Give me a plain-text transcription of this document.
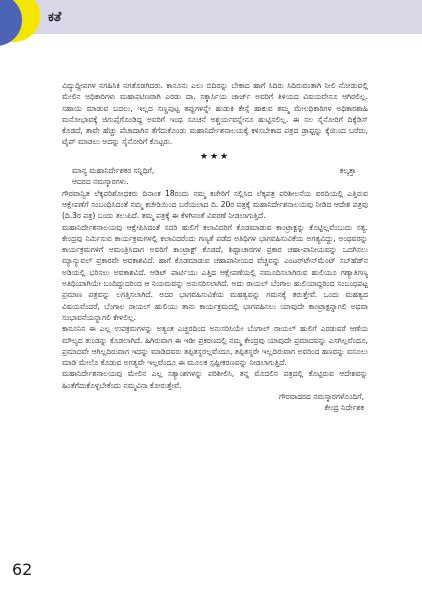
ಕತೆ

ವಿದ್ಯುದ್ದೀಪಗಳ ನಗಹಿಸಿಕಿ ನಗತೊಡಗಿದರು. ಕಾನೂನು ಎಲು ಬಿದಿರನ್ನು ಬೇಕಾದ ಹಾಗೆ ಸಿದಿರು ಸಿದಿರುವಂತಾಗಿ ನೀಲಿ ನೋಡುವಲ್ಲಿ ಮೇಲಿನ ಅಧಿಕಾರಿಗಳು ಮಹಾಪಟಿಣರಾಗಿ ಎರಡು ದಾ. ಸಕ್ಕಾರ್ಸಿಯ ಚಾರ್ಜ್ ಅವರಿಗೆ ತಿಳಿಯದ ವಿಷಯವೇನೂ ಆಗಿರಲಿಲ್ಲ. ಸಹಾಯ ಮಾಡುವ ಬದಲು, ಇಲ್ಲದ ಸಣ್ಣಪುಟ್ಟ ತಪ್ಪುಗಳನ್ನೇ ಹುಡುಕಿ ಕೇಸ್ಸೆ ಹಾಕುವ ತಮ್ಮ ಮೇಲಧಿಕಾರಿಗಳ ಅಧಿಕಾರಶಾಹಿ ಮನೋಭಾವಕ್ಕೆ ಜಿಗುಪ್ಸೆಗೊಂಡಿದ್ದ ಅವರಿಗೆ ಇಂಥ ಸೂಚನೆ ಅಶ್ಚರ್ಯವನ್ನೇನೂ ಹುಟ್ಟಿಸಲಿಲ್ಲ. ಈ ಸಲ ಸೈನೋರಿಗೆ ದಿಕ್ಕೆಡಿಸ್ ಕೊಡದೆ, ತಾವೇ ಹೆಚ್ಚು ಪೆಚಾದಾಗಿನ ತೆಗೆದುಕೊಂಡು ಮಹಾನಿರ್ದೇಶನಾಲಯಕ್ಕೆ ಕಳಿಸಬೇಕಾದ ಪತ್ರದ ಡ್ರಾಫ್ಟನ್ನು ಕ್ಕೆಯಿಂದ ಬರೆದು, ಟೈಪ್ ಮಾಡಲು ಅದನ್ನು ಸೈನೋರಿಗೆ ಕೊಟ್ಟರು.

★★★
ಮಾನ್ಯ ಮಹಾನಿರ್ದೇಶಕರ ಸನ್ನಿಧಿಗೆ,	ಕಲ್ಕತ್ತಾ
ಆದರದ ನಮಸ್ಕಾರಗಳು.

ಗೌರವಾನ್ವಿತ ಲೆಕ್ಕಪರಿಶೋಧಕರು ದಿನಾಂಕ 18ರಂದು ನಮ್ಮ ಕಚೇರಿಗೆ ಸಲ್ಲಿಸಿದ ಲೆಕ್ಕಪತ್ರ ಪರಿಶೀಲನೆಯ ವರದಿಯಲ್ಲಿ ಎತ್ತಿರುವ ಆಕ್ಷೇಪಣೆಗೆ ಸಂಬಂಧಿಸಿದಂತೆ ನಮ್ಮ ಕಚೇರಿಯಿಂದ ಬರೆಯಲಾದ ದಿ. 20ರ ಪತ್ರಕ್ಕೆ ಮಹಾನಿರ್ದೇಶನಾಲಯವು ನೀಡಿದ ಆದೇಶ ಪತ್ರವು (ದಿ.3ರ ಪತ್ರ) ಬಂದು ತಲುಪಿದೆ. ತಮ್ಮ ಪತ್ರಕ್ಕೆ ಈ ಕೆಳಗಿನಂತೆ ವಿವರಣೆ ನೀಡಲಾಗುತ್ತಿದೆ.

ಮಹಾನಿರ್ದೇಶನಾಲಯವು ಆಕ್ಷೇಪಿಸಿದಂತೆ ಸದರಿ ಹುಲಿಗೆ ಕಲಾವಿದರಿಗೆ ಕೊಡಮಾಡುವ ಕಾಂಟ್ರಾಕ್ಟನ್ನು ಕೊಟ್ಟಿಲ್ಲವೆಂಬುದು ಸತ್ಯ. ಕೇಂದ್ರವು ನಿರ್ಮಿಸುವ ಕಾರ್ಯಕ್ರಮಗಳಲ್ಲಿ ಕಲಾವಿದರೆಂದು ಗಣ್ಯತೆ ಪಡೆದ ಅತಿಥಿಗಳ ಭಾಗವಹಿಸುವಿಕೆಯ ಅಗತ್ಯವಿದ್ದು, ಅಂಥವರನ್ನು ಕಾರ್ಯಕ್ರಮಗಳಿಗೆ ಅಮಂತ್ರಿಸಿದಾಗ ಅವರಿಗೆ ಕಾಂಟ್ರಾಕ್ಟ್ ಕೊಡದೆ, ಶಿಷ್ಟಾಚಾರಗಳ ಪ್ರಕಾರ ಚಹಾ-ಪಾನೀಯವನ್ನು ಒದಗಿಸಲು ಮ್ಯಾನ್ಯುವಲ್ ಪ್ರಕಾರವೇ ಅವಕಾಶವಿದೆ. ಹಾಗೆ ಕೊಡಮಾಡುವ ಚಹಾಪಾನೀಯದ ವೆಚ್ಚವನ್ನು ಎಂಟರ್‌ಟೇನ್‌ಮೆಂಟ್ ಸಬ್‌ಹೆಡ್‌ನ ಅಡಿಯಲ್ಲಿ ಭರಿಸಲು ಅವಕಾಶವಿದೆ. ಆಡಿಟ್ ಪಾರ್ಟಿಯು ಎತ್ತಿದ ಆಕ್ಷೇಪಣೆಯಲ್ಲಿ ನಮೂದಿಸಲಾಗಿರುವ ಹುಲಿಯೂ ಗಣ್ಯಾತಿಗಣ್ಯ ಅತಿಥಿಯಾಗಿಯೇ ಬಂದಿದ್ದುದರಿಂದ ಆ ನಿಯಮವನ್ನು ಅನುಸರಿಸಲಾಗಿದೆ. ಅದು ರಾಯಲ್ ಬೆಂಗಾಲ ಹುಲಿಯಾದ್ದರಿಂದ ಸಂಬಂಧಪಟ್ಟ ಪ್ರಮಾಣ ಪತ್ರವನ್ನು ಲಗತ್ತಿಸಲಾಗಿದೆ. ಅದರ ಭಾಗವಹಿಸುವಿಕೆಯ ಮಹತ್ವವನ್ನು ಗಮನಕ್ಕೆ ತರುತ್ತೇವೆ. ಒಂದು ಮಹತ್ವದ ವಿಷಯವೆಂದರೆ, ಬೆಂಗಾಲ ರಾಯಲ್ ಹುಲಿಯು ತಾನು ಕಾರ್ಯಕ್ರಮದಲ್ಲಿ ಭಾಗವಹಿಸಲು ಯಾವುದೇ ಕಾಂಟ್ರಾಕ್ಟನ್ನಾಗಲಿ ಅಥವಾ ಸಂಭಾವನೆಯನ್ನಾಗಲಿ ಕೇಳಲಿಲ್ಲ.

ಕಾನೂನಿನ ಈ ಎಲ್ಲ ಉಪಕ್ರಮಗಳನ್ನು ಅತ್ಯಂತ ಎಚ್ಚರದಿಂದ ಅನುಸರಿಸಿಯೇ ಬೆಂಗಾಲ್ ರಾಯಲ್ ಹುಲಿಗೆ ಎರಡುವರೆ ಆಣೆಯ ಮೌಲ್ಯದ ತುಂಡನ್ನು ಕೊಡಲಾಗಿದೆ. ಹಿಗಿರುವಾಗ ಈ ಇಡೀ ಪ್ರಕರಣದಲ್ಲಿ ನಮ್ಮ ಕೇಂದ್ರವು ಯಾವುದೇ ಪ್ರಮಾದವನ್ನು ಎಸಗಿಲ್ಲವೆಂದೂ, ಪ್ರಮಾದವೇ ಆಗಿಲ್ಲದಿರುವಾಗ ಇದನ್ನು ಮಾಡಿದವರು ತಪ್ಪಿತಸ್ಥರಲ್ಲವೆಂದೂ, ತಪ್ಪಿತಸ್ಥರೇ ಇಲ್ಲದಿರುವಾಗ ಅವರಿಂದ ಹಣವನ್ನು ವಸೂಲು ಮಾಡಿ ಮೇಲೊ ಕೊಡುವ ಅಗತ್ಯವೇ ಇಲ್ಲವೆಂದೂ ಈ ಮೂಲಕ ಸ್ಪಷ್ಟೀಕರಣವನ್ನು ನೀಡಲಾಗುತ್ತಿದೆ.

ಮಹಾನಿರ್ದೇಶನಾಲಯವು ಮೇಲಿನ ಎಲ್ಲ ಸತ್ಯಾಂಶಗಳನ್ನು ಪರಿಶೀಲಿಸಿ, ತನ್ನ ಮೊದಲಿನ ಪತ್ರದಲ್ಲಿ ಕೊಟ್ಟಿರುವ ಆದೇಶವನ್ನು ಹಿಂತೆಗೆದುಕೊಳ್ಳಬೇಕೆಂದು ನಮ್ಮವಿನಾ ಕೋರುತ್ತೇವೆ.

ಗೌರವಾದರದ ನಮಸ್ಕಾರಗಳೊಂದಿಗೆ,
ಕೇಂದ್ರ ನಿರ್ದೇಶಕ
62
